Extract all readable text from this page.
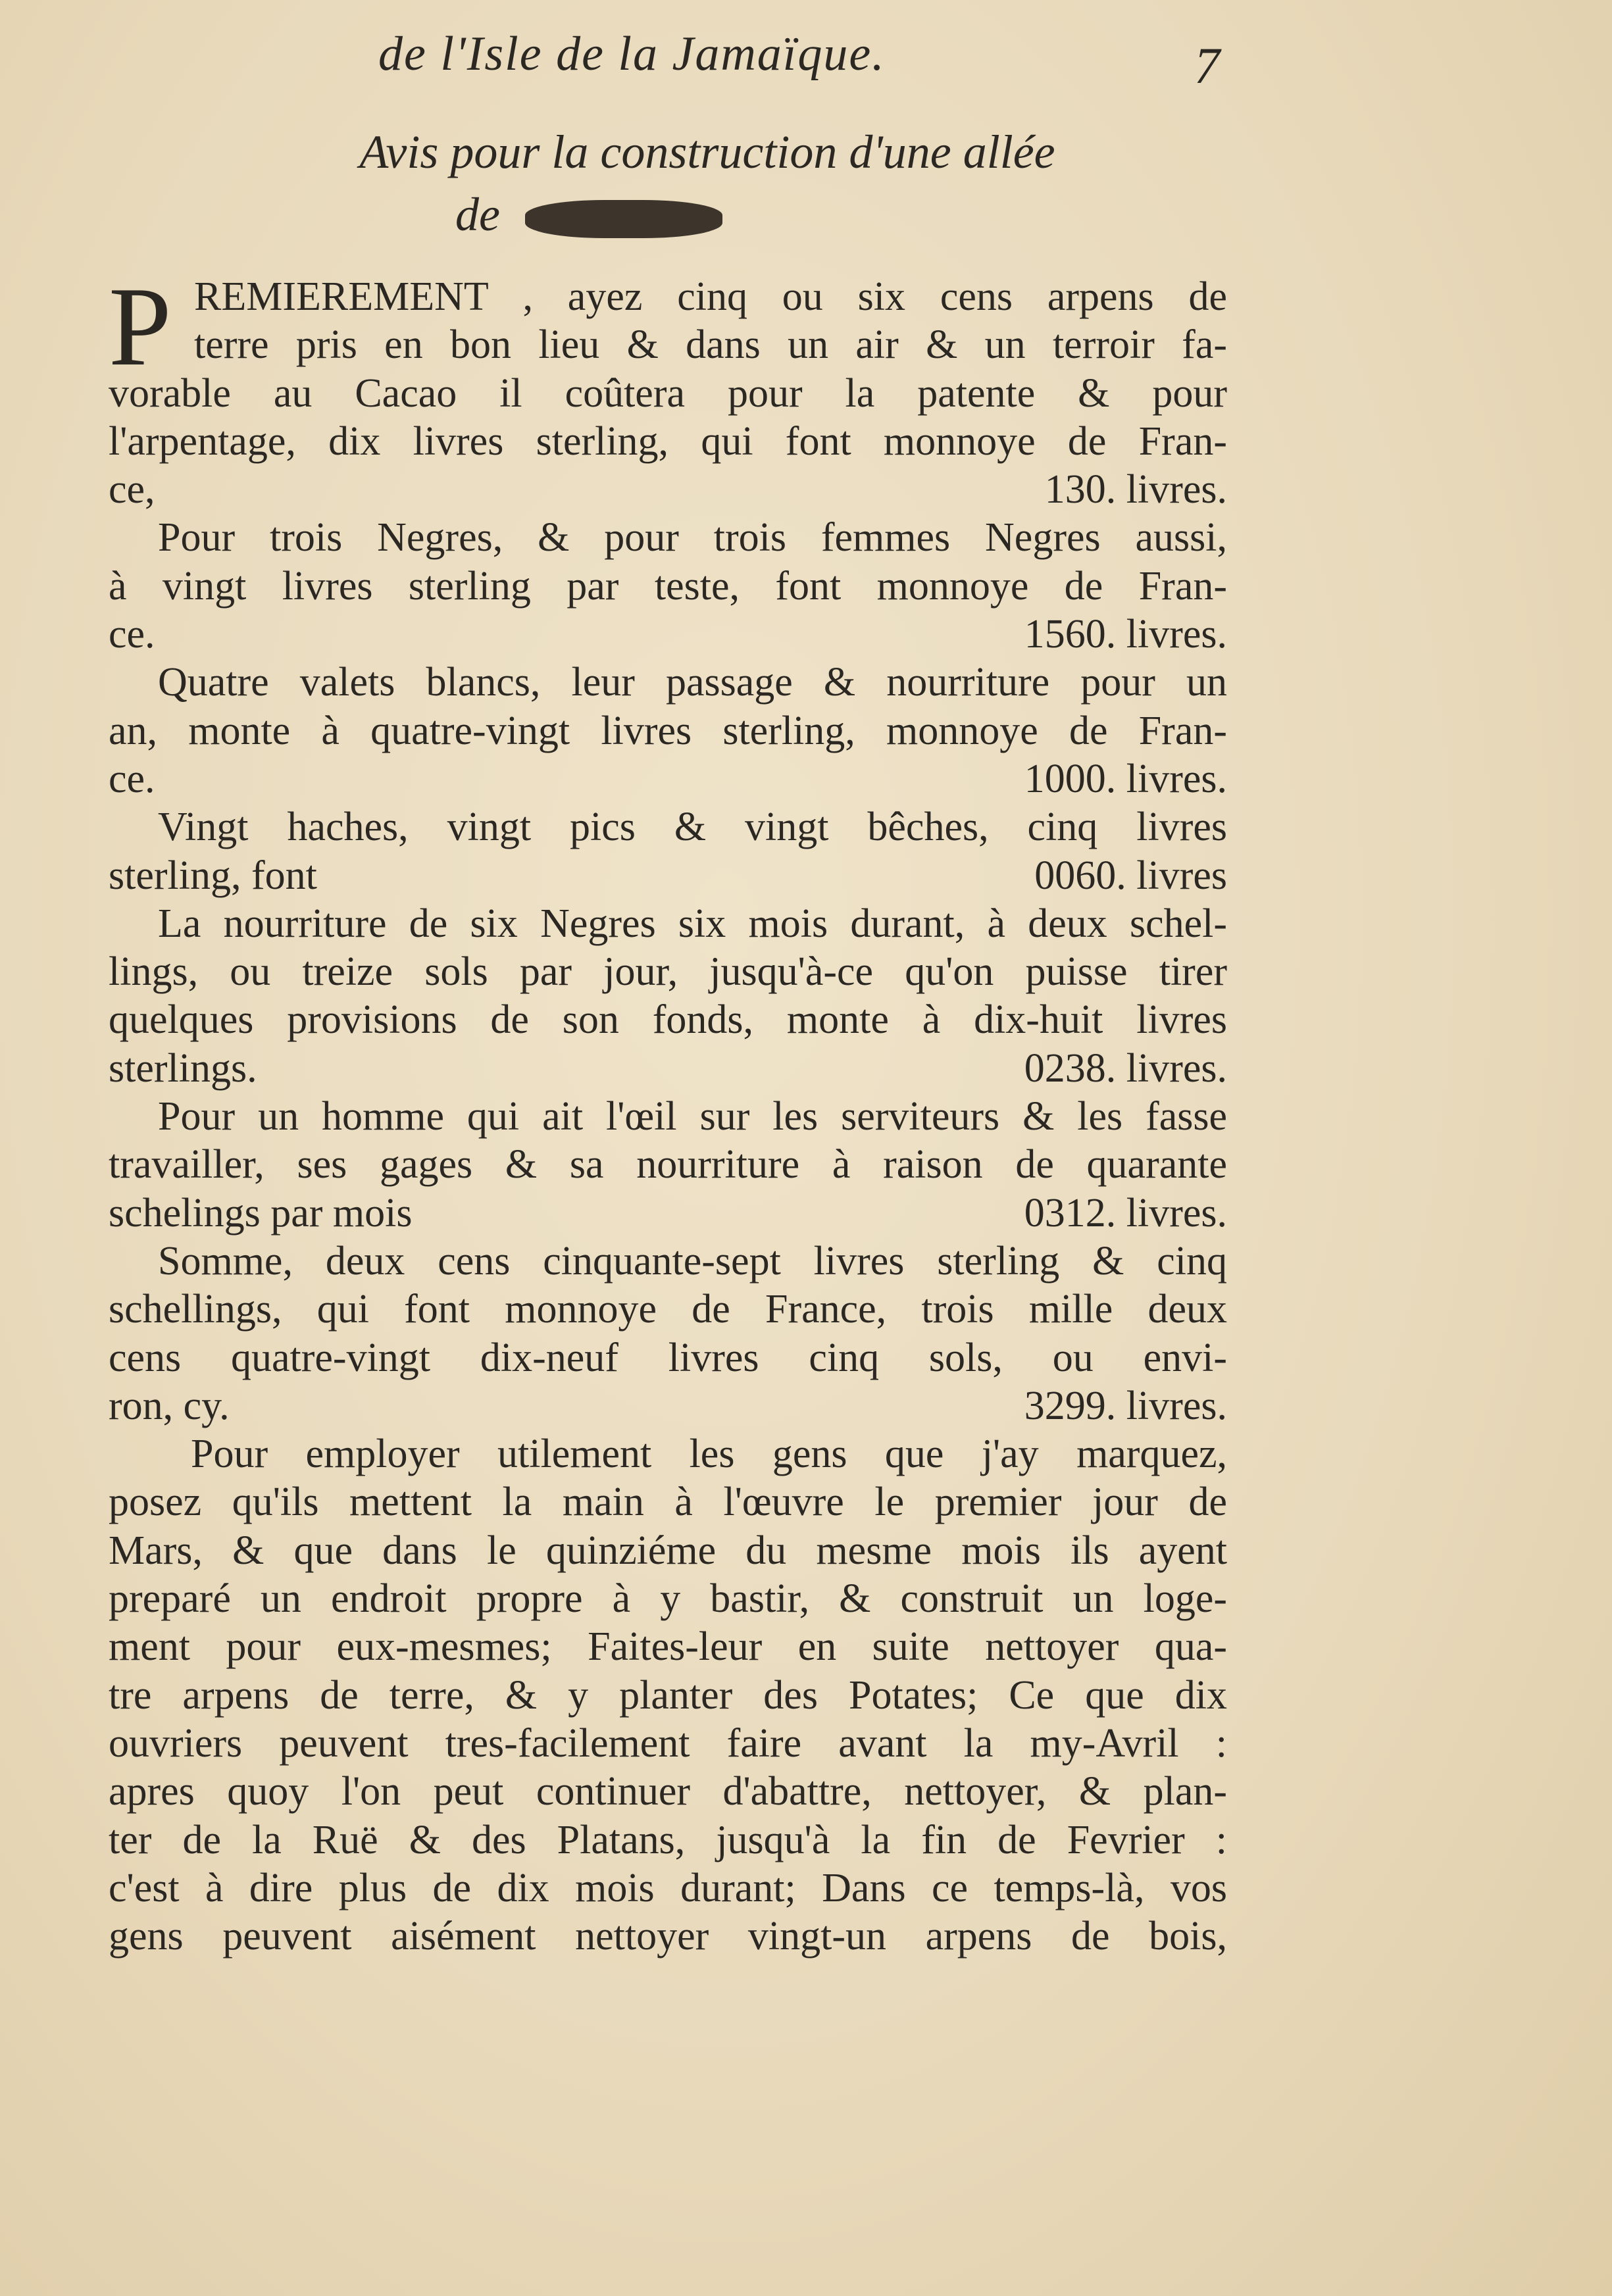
de l'Isle de la Jamaïque.	7
Avis pour la construction d'une allée
de
P REMIEREMENT , ayez cinq ou six cens arpens de
terre pris en bon lieu & dans un air & un terroir fa-
vorable au Cacao il coûtera pour la patente & pour
l'arpentage, dix livres sterling, qui font monnoye de Fran-
ce,	130. livres.
Pour trois Negres, & pour trois femmes Negres aussi,
à vingt livres sterling par teste, font monnoye de Fran-
ce.	1560. livres.
Quatre valets blancs, leur passage & nourriture pour un
an, monte à quatre-vingt livres sterling, monnoye de Fran-
ce.	1000. livres.
Vingt haches, vingt pics & vingt bêches, cinq livres
sterling, font	0060. livres
La nourriture de six Negres six mois durant, à deux schel-
lings, ou treize sols par jour, jusqu'à-ce qu'on puisse tirer
quelques provisions de son fonds, monte à dix-huit livres
sterlings.	0238. livres.
Pour un homme qui ait l'œil sur les serviteurs & les fasse
travailler, ses gages & sa nourriture à raison de quarante
schelings par mois	0312. livres.
Somme, deux cens cinquante-sept livres sterling & cinq
schellings, qui font monnoye de France, trois mille deux
cens quatre-vingt dix-neuf livres cinq sols, ou envi-
ron, cy.	3299. livres.
Pour employer utilement les gens que j'ay marquez,
posez qu'ils mettent la main à l'œuvre le premier jour de
Mars, & que dans le quinziéme du mesme mois ils ayent
preparé un endroit propre à y bastir, & construit un loge-
ment pour eux-mesmes; Faites-leur en suite nettoyer qua-
tre arpens de terre, & y planter des Potates; Ce que dix
ouvriers peuvent tres-facilement faire avant la my-Avril :
apres quoy l'on peut continuer d'abattre, nettoyer, & plan-
ter de la Ruë & des Platans, jusqu'à la fin de Fevrier :
c'est à dire plus de dix mois durant; Dans ce temps-là, vos
gens peuvent aisément nettoyer vingt-un arpens de bois,
